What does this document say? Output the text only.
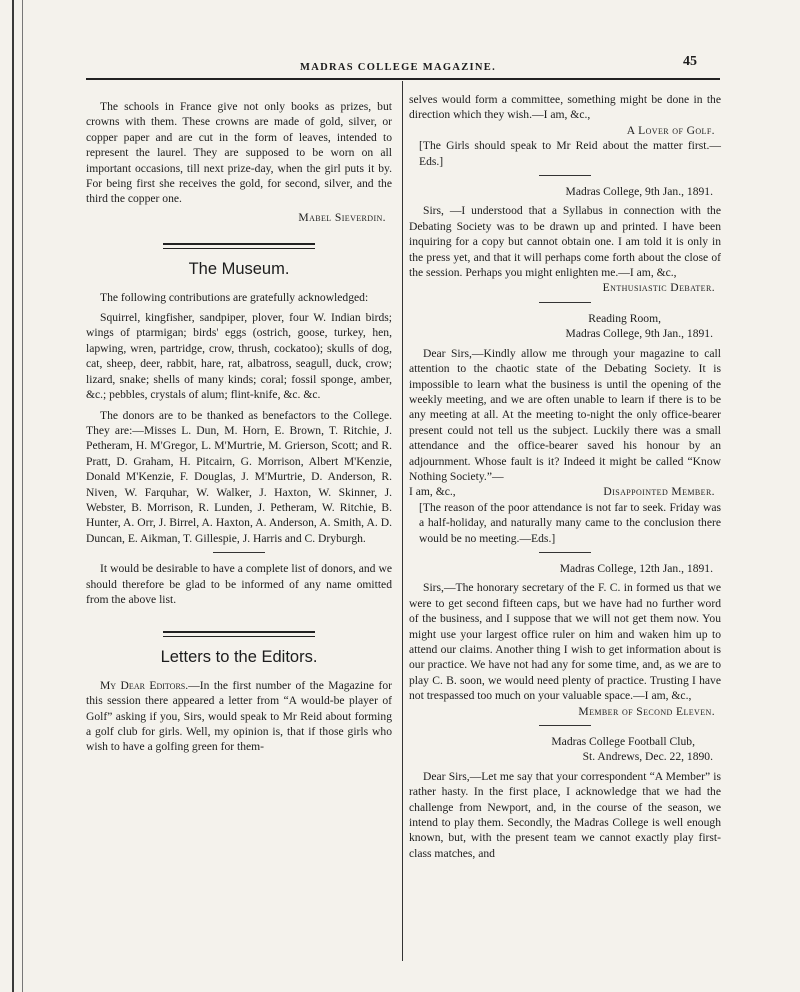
MADRAS COLLEGE MAGAZINE.	45

The schools in France give not only books as prizes, but crowns with them. These crowns are made of gold, silver, or copper paper and are cut in the form of leaves, intended to represent the laurel. They are supposed to be worn on all important occasions, till next prize-day, when the girl puts it by. For being first she receives the gold, for second, silver, and the third the copper one.

Mabel Sieverdin.
The Museum.

The following contributions are gratefully acknowledged:

Squirrel, kingfisher, sandpiper, plover, four W. Indian birds; wings of ptarmigan; birds' eggs (ostrich, goose, turkey, hen, lapwing, wren, partridge, crow, thrush, cockatoo); skulls of dog, cat, sheep, deer, rabbit, hare, rat, albatross, seagull, duck, crow; lizard, snake; shells of many kinds; coral; fossil sponge, amber, &c.; pebbles, crystals of alum; flint-knife, &c. &c.

The donors are to be thanked as benefactors to the College. They are:—Misses L. Dun, M. Horn, E. Brown, T. Ritchie, J. Petheram, H. M'Gregor, L. M'Murtrie, M. Grierson, Scott; and R. Pratt, D. Graham, H. Pitcairn, G. Morrison, Albert M'Kenzie, Donald M'Kenzie, F. Douglas, J. M'Murtrie, D. Anderson, R. Niven, W. Farquhar, W. Walker, J. Haxton, W. Skinner, J. Webster, B. Morrison, R. Lunden, J. Petheram, W. Ritchie, B. Hunter, A. Orr, J. Birrel, A. Haxton, A. Anderson, A. Smith, A. D. Duncan, E. Aikman, T. Gillespie, J. Harris and C. Dryburgh.

It would be desirable to have a complete list of donors, and we should therefore be glad to be informed of any name omitted from the above list.

Letters to the Editors.

My Dear Editors.—In the first number of the Magazine for this session there appeared a letter from “A would-be player of Golf” asking if you, Sirs, would speak to Mr Reid about forming a golf club for girls. Well, my opinion is, that if those girls who wish to have a golfing green for them-

selves would form a committee, something might be done in the direction which they wish.—I am, &c.,

A Lover of Golf.

[The Girls should speak to Mr Reid about the matter first.—Eds.]

Madras College, 9th Jan., 1891.

Sirs, —I understood that a Syllabus in connection with the Debating Society was to be drawn up and printed. I have been inquiring for a copy but cannot obtain one. I am told it is only in the press yet, and that it will perhaps come forth about the close of the session. Perhaps you might enlighten me.—I am, &c.,

Enthusiastic Debater.
Reading Room,
Madras College, 9th Jan., 1891.

Dear Sirs,—Kindly allow me through your magazine to call attention to the chaotic state of the Debating Society. It is impossible to learn what the business is until the opening of the weekly meeting, and we are often unable to learn if there is to be any meeting at all. At the meeting to-night the only office-bearer present could not tell us the subject. Luckily there was a small attendance and the office-bearer saved his honour by an adjournment. Whose fault is it? Indeed it might be called “Know Nothing Society.”—

I am, &c.,	Disappointed Member.

[The reason of the poor attendance is not far to seek. Friday was a half-holiday, and naturally many came to the conclusion there would be no meeting.—Eds.]

Madras College, 12th Jan., 1891.

Sirs,—The honorary secretary of the F. C. in formed us that we were to get second fifteen caps, but we have had no further word of the business, and I suppose that we will not get them now. You might use your largest office ruler on him and waken him up to attend our claims. Another thing I wish to get information about is our practice. We have not had any for some time, and, as we are to play C. B. soon, we would need plenty of practice. Trusting I have not trespassed too much on your valuable space.—I am, &c.,

Member of Second Eleven.
Madras College Football Club,
St. Andrews, Dec. 22, 1890.

Dear Sirs,—Let me say that your correspondent “A Member” is rather hasty. In the first place, I acknowledge that we had the challenge from Newport, and, in the course of the season, we intend to play them. Secondly, the Madras College is well enough known, but, with the present team we cannot exactly play first-class matches, and
